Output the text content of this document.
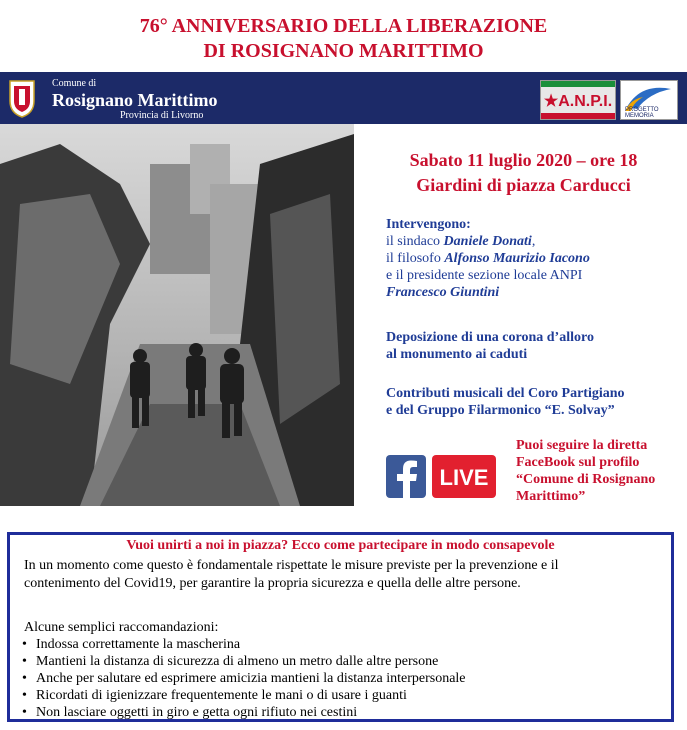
76° ANNIVERSARIO DELLA LIBERAZIONE
DI ROSIGNANO MARITTIMO
Comune di
Rosignano Marittimo
Provincia di Livorno
★A.N.P.I.	PROGETTO MEMORIA
Sabato 11 luglio 2020 – ore 18
Giardini di piazza Carducci
Intervengono:
il sindaco Daniele Donati,
il filosofo Alfonso Maurizio Iacono
e il presidente sezione locale ANPI
Francesco Giuntini
Deposizione di una corona d’alloro
al monumento ai caduti
Contributi musicali del Coro Partigiano
e del Gruppo Filarmonico “E. Solvay”
LIVE
Puoi seguire la diretta
FaceBook sul profilo
“Comune di Rosignano
Marittimo”
Vuoi unirti a noi in piazza? Ecco come partecipare in modo consapevole
In un momento come questo è fondamentale rispettate le misure previste per la prevenzione e il
contenimento del Covid19, per garantire la propria sicurezza e quella delle altre persone.
Alcune semplici raccomandazioni:
• Indossa correttamente la mascherina
• Mantieni la distanza di sicurezza di almeno un metro dalle altre persone
• Anche per salutare ed esprimere amicizia mantieni la distanza interpersonale
• Ricordati di igienizzare frequentemente le mani o di usare i guanti
• Non lasciare oggetti in giro e getta ogni rifiuto nei cestini
